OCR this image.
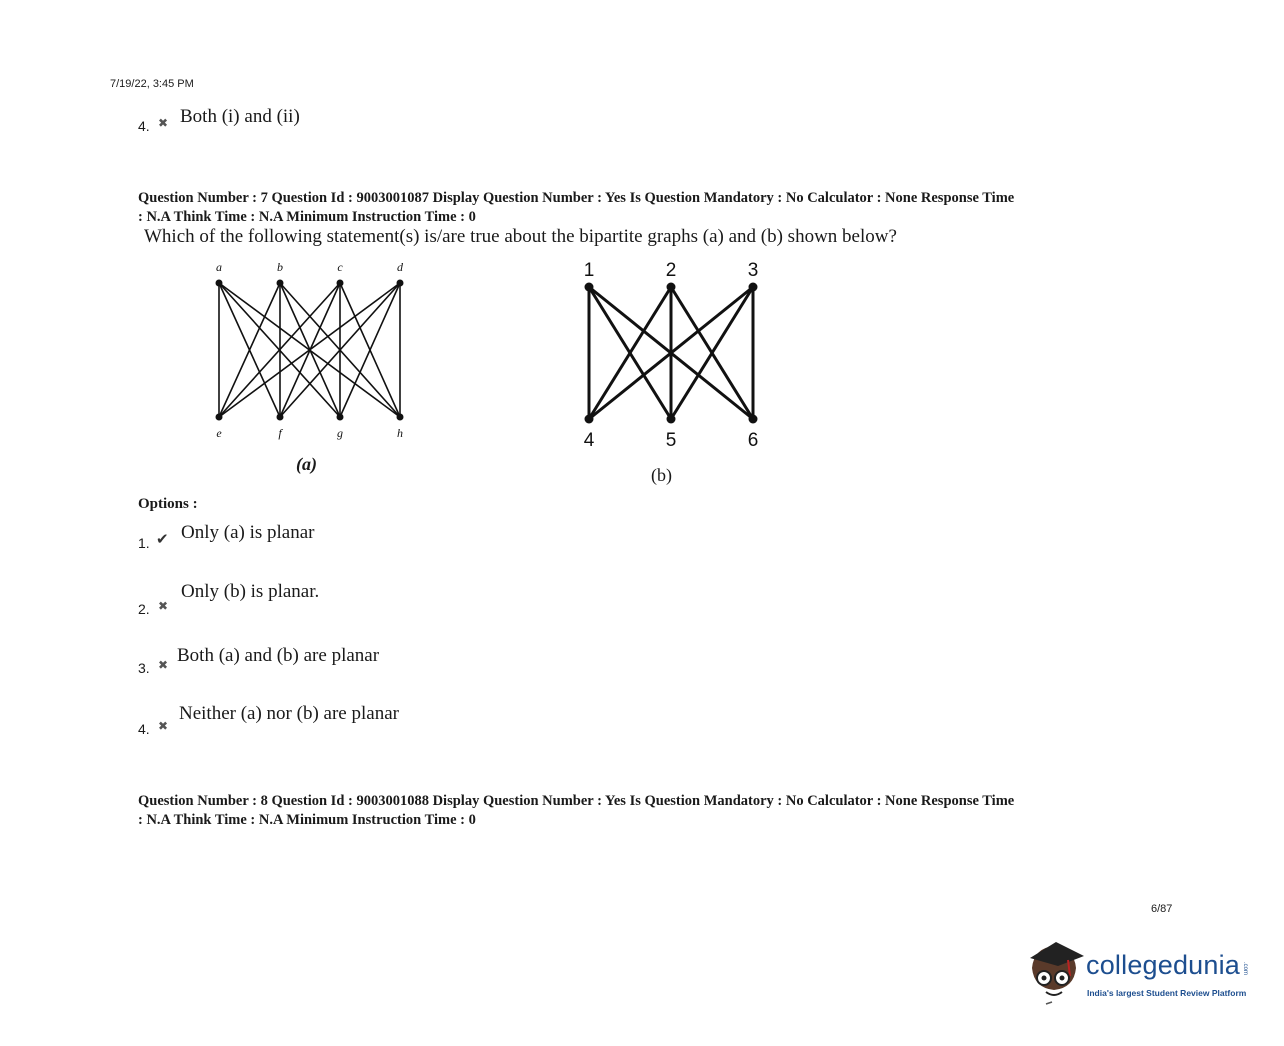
7/19/22, 3:45 PM
4. ✖ Both (i) and (ii)
Question Number : 7 Question Id : 9003001087 Display Question Number : Yes Is Question Mandatory : No Calculator : None Response Time
: N.A Think Time : N.A Minimum Instruction Time : 0
Which of the following statement(s) is/are true about the bipartite graphs (a) and (b) shown below?
a	b	c	d
e	f	g	h
(a)
1	2	3
4	5	6
(b)
Options :
1. ✔ Only (a) is planar
2. ✖
Only (b) is planar.
3. ✖ Both (a) and (b) are planar
4. ✖
Neither (a) nor (b) are planar
Question Number : 8 Question Id : 9003001088 Display Question Number : Yes Is Question Mandatory : No Calculator : None Response Time
: N.A Think Time : N.A Minimum Instruction Time : 0
6/87
collegedunia .com
India's largest Student Review Platform
